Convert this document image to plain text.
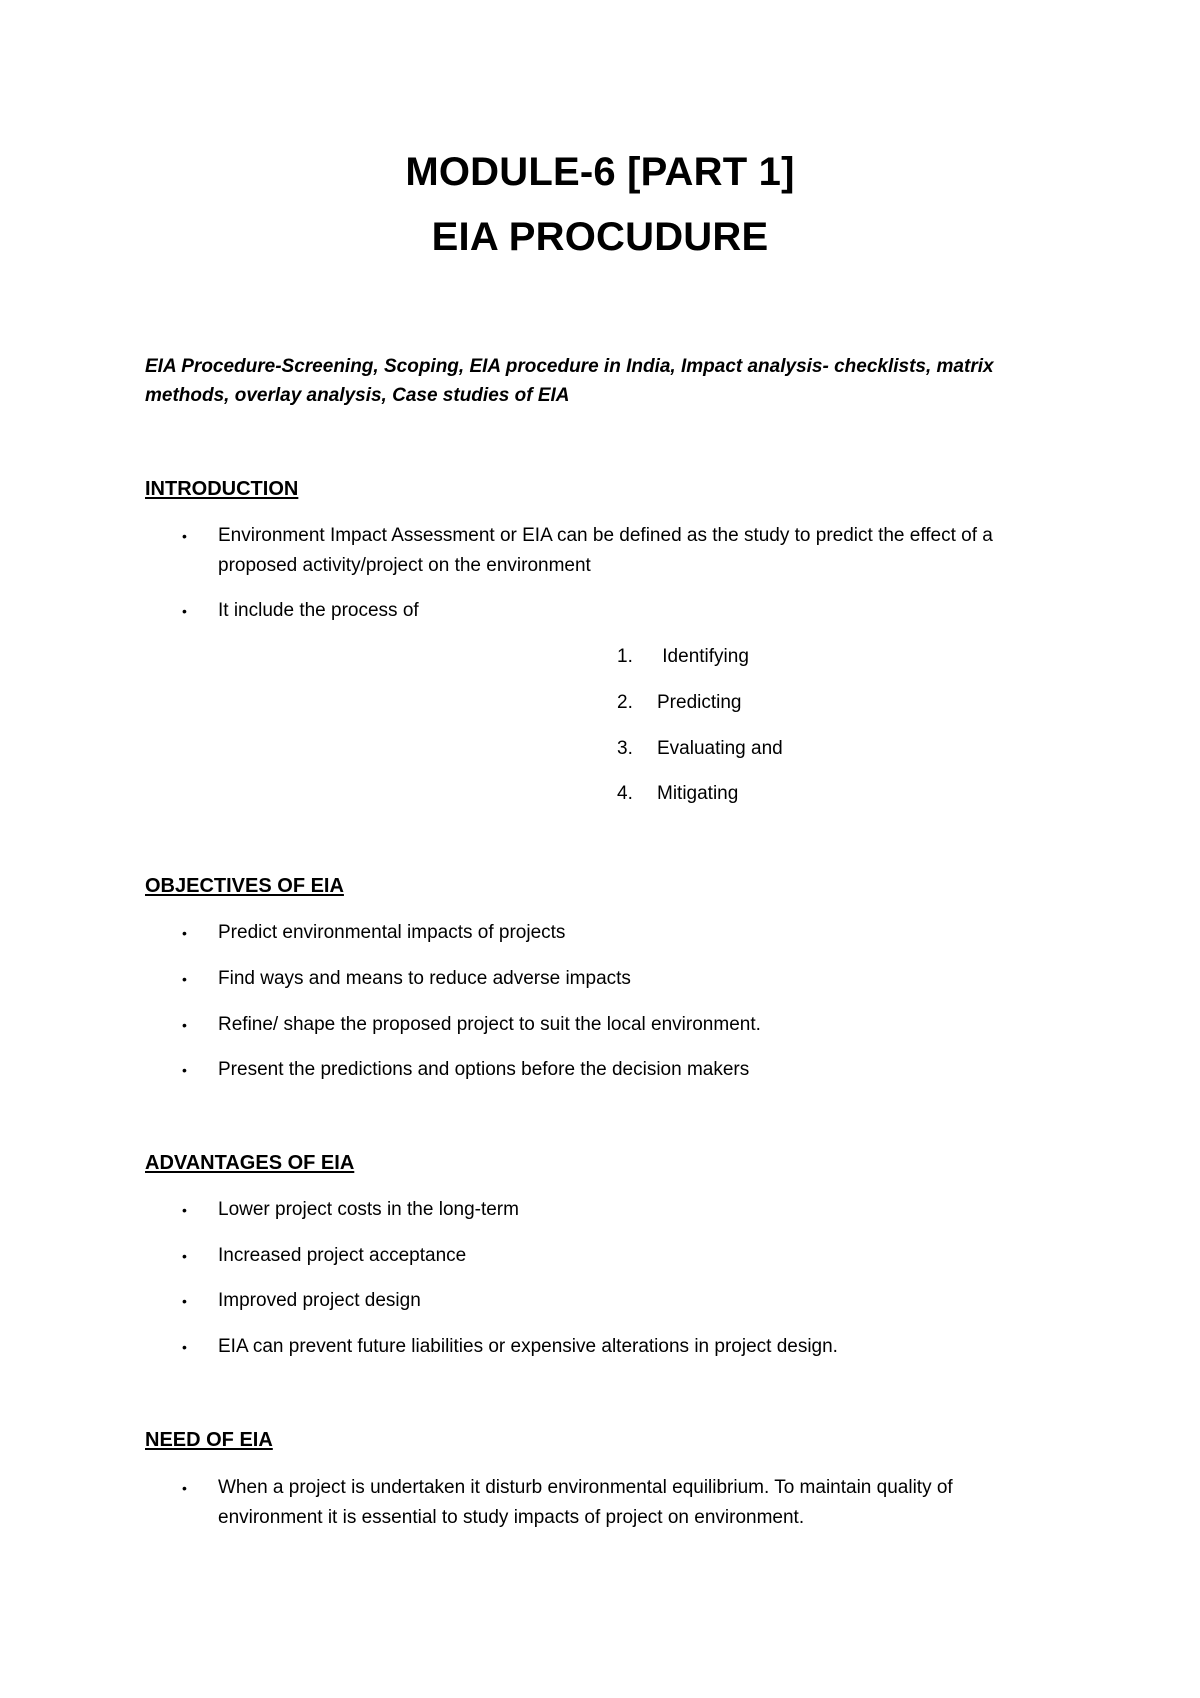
MODULE-6 [PART 1]
EIA PROCUDURE
EIA Procedure-Screening, Scoping, EIA procedure in India, Impact analysis- checklists, matrix
methods, overlay analysis, Case studies of EIA
INTRODUCTION
• Environment Impact Assessment or EIA can be defined as the study to predict the effect of a
proposed activity/project on the environment
• It include the process of
1. Identifying
2. Predicting
3. Evaluating and
4. Mitigating
OBJECTIVES OF EIA
• Predict environmental impacts of projects
• Find ways and means to reduce adverse impacts
• Refine/ shape the proposed project to suit the local environment.
• Present the predictions and options before the decision makers
ADVANTAGES OF EIA
• Lower project costs in the long-term
• Increased project acceptance
• Improved project design
• EIA can prevent future liabilities or expensive alterations in project design.
NEED OF EIA
• When a project is undertaken it disturb environmental equilibrium. To maintain quality of
environment it is essential to study impacts of project on environment.
